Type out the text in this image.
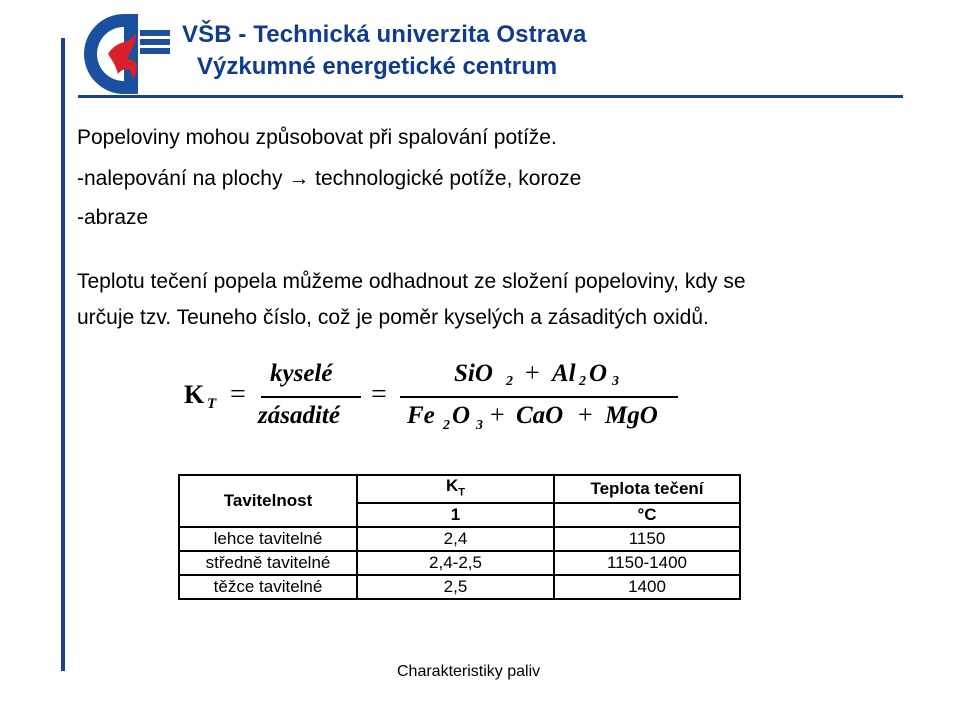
VŠB - Technická univerzita Ostrava
Výzkumné energetické centrum
Popeloviny mohou způsobovat při spalování potíže.
-nalepování na plochy → technologické potíže, koroze
-abraze
Teplotu tečení popela můžeme odhadnout ze složení popeloviny, kdy se
určuje tzv. Teuneho číslo, což je poměr kyselých a zásaditých oxidů.
K T =
kyselé
zásadité
=
SiO 2 + Al 2 O 3
Fe 2 O 3 + CaO + MgO
Tavitelnost	$K_T$	Teplota tečení
	1	°C
lehce tavitelné	2,4	1150
středně tavitelné	2,4-2,5	1150-1400
těžce tavitelné	2,5	1400
Charakteristiky paliv
